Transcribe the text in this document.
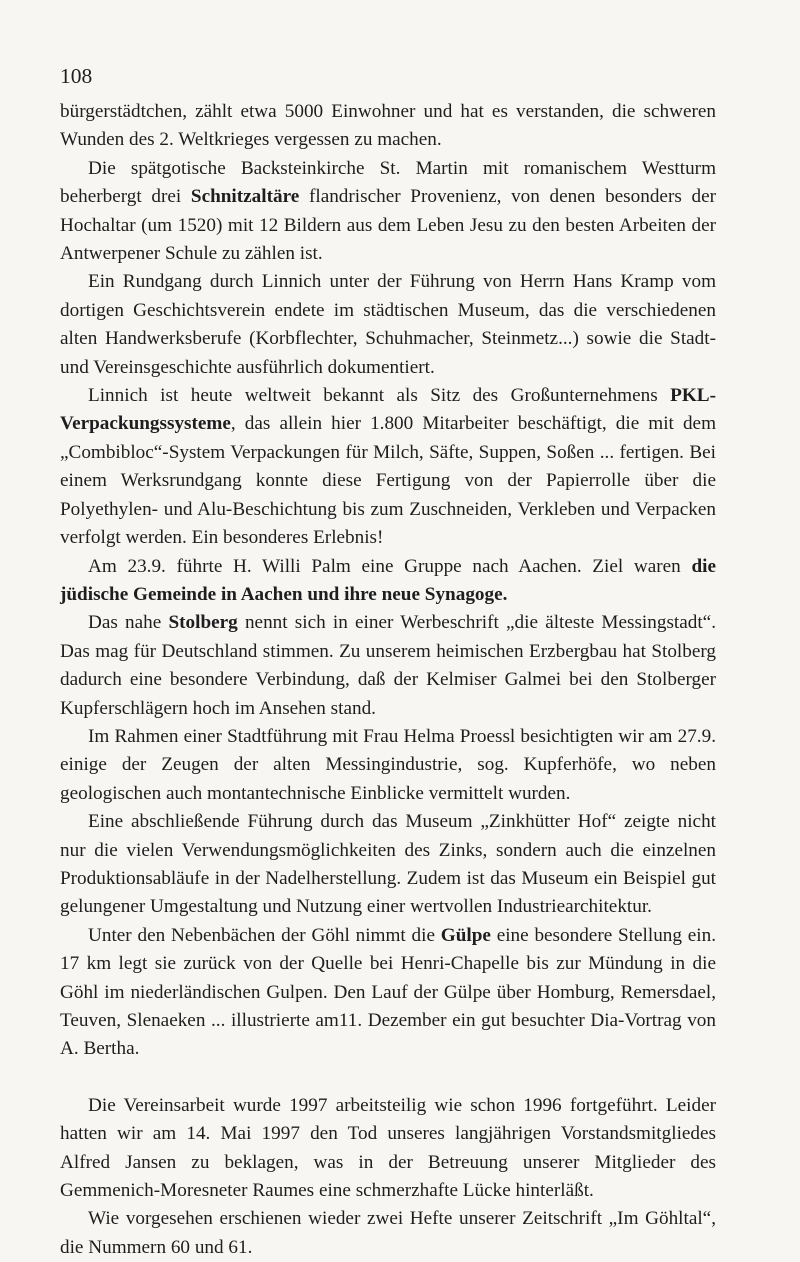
108

bürgerstädtchen, zählt etwa 5000 Einwohner und hat es verstanden, die schweren Wunden des 2. Weltkrieges vergessen zu machen.

Die spätgotische Backsteinkirche St. Martin mit romanischem Westturm beherbergt drei Schnitzaltäre flandrischer Provenienz, von denen besonders der Hochaltar (um 1520) mit 12 Bildern aus dem Leben Jesu zu den besten Arbeiten der Antwerpener Schule zu zählen ist.

Ein Rundgang durch Linnich unter der Führung von Herrn Hans Kramp vom dortigen Geschichtsverein endete im städtischen Museum, das die verschiedenen alten Handwerksberufe (Korbflechter, Schuhmacher, Steinmetz...) sowie die Stadt- und Vereinsgeschichte ausführlich dokumentiert.

Linnich ist heute weltweit bekannt als Sitz des Großunternehmens PKL-Verpackungssysteme, das allein hier 1.800 Mitarbeiter beschäftigt, die mit dem „Combibloc“-System Verpackungen für Milch, Säfte, Suppen, Soßen ... fertigen. Bei einem Werksrundgang konnte diese Fertigung von der Papierrolle über die Polyethylen- und Alu-Beschichtung bis zum Zuschneiden, Verkleben und Verpacken verfolgt werden. Ein besonderes Erlebnis!

Am 23.9. führte H. Willi Palm eine Gruppe nach Aachen. Ziel waren die jüdische Gemeinde in Aachen und ihre neue Synagoge.

Das nahe Stolberg nennt sich in einer Werbeschrift „die älteste Messingstadt“. Das mag für Deutschland stimmen. Zu unserem heimischen Erzbergbau hat Stolberg dadurch eine besondere Verbindung, daß der Kelmiser Galmei bei den Stolberger Kupferschlägern hoch im Ansehen stand.

Im Rahmen einer Stadtführung mit Frau Helma Proessl besichtigten wir am 27.9. einige der Zeugen der alten Messingindustrie, sog. Kupferhöfe, wo neben geologischen auch montantechnische Einblicke vermittelt wurden.

Eine abschließende Führung durch das Museum „Zinkhütter Hof“ zeigte nicht nur die vielen Verwendungsmöglichkeiten des Zinks, sondern auch die einzelnen Produktionsabläufe in der Nadelherstellung. Zudem ist das Museum ein Beispiel gut gelungener Umgestaltung und Nutzung einer wertvollen Industriearchitektur.

Unter den Nebenbächen der Göhl nimmt die Gülpe eine besondere Stellung ein. 17 km legt sie zurück von der Quelle bei Henri-Chapelle bis zur Mündung in die Göhl im niederländischen Gulpen. Den Lauf der Gülpe über Homburg, Remersdael, Teuven, Slenaeken ... illustrierte am11. Dezember ein gut besuchter Dia-Vortrag von A. Bertha.

Die Vereinsarbeit wurde 1997 arbeitsteilig wie schon 1996 fortgeführt. Leider hatten wir am 14. Mai 1997 den Tod unseres langjährigen Vorstandsmitgliedes Alfred Jansen zu beklagen, was in der Betreuung unserer Mitglieder des Gemmenich-Moresneter Raumes eine schmerzhafte Lücke hinterläßt.

Wie vorgesehen erschienen wieder zwei Hefte unserer Zeitschrift „Im Göhltal“, die Nummern 60 und 61.
